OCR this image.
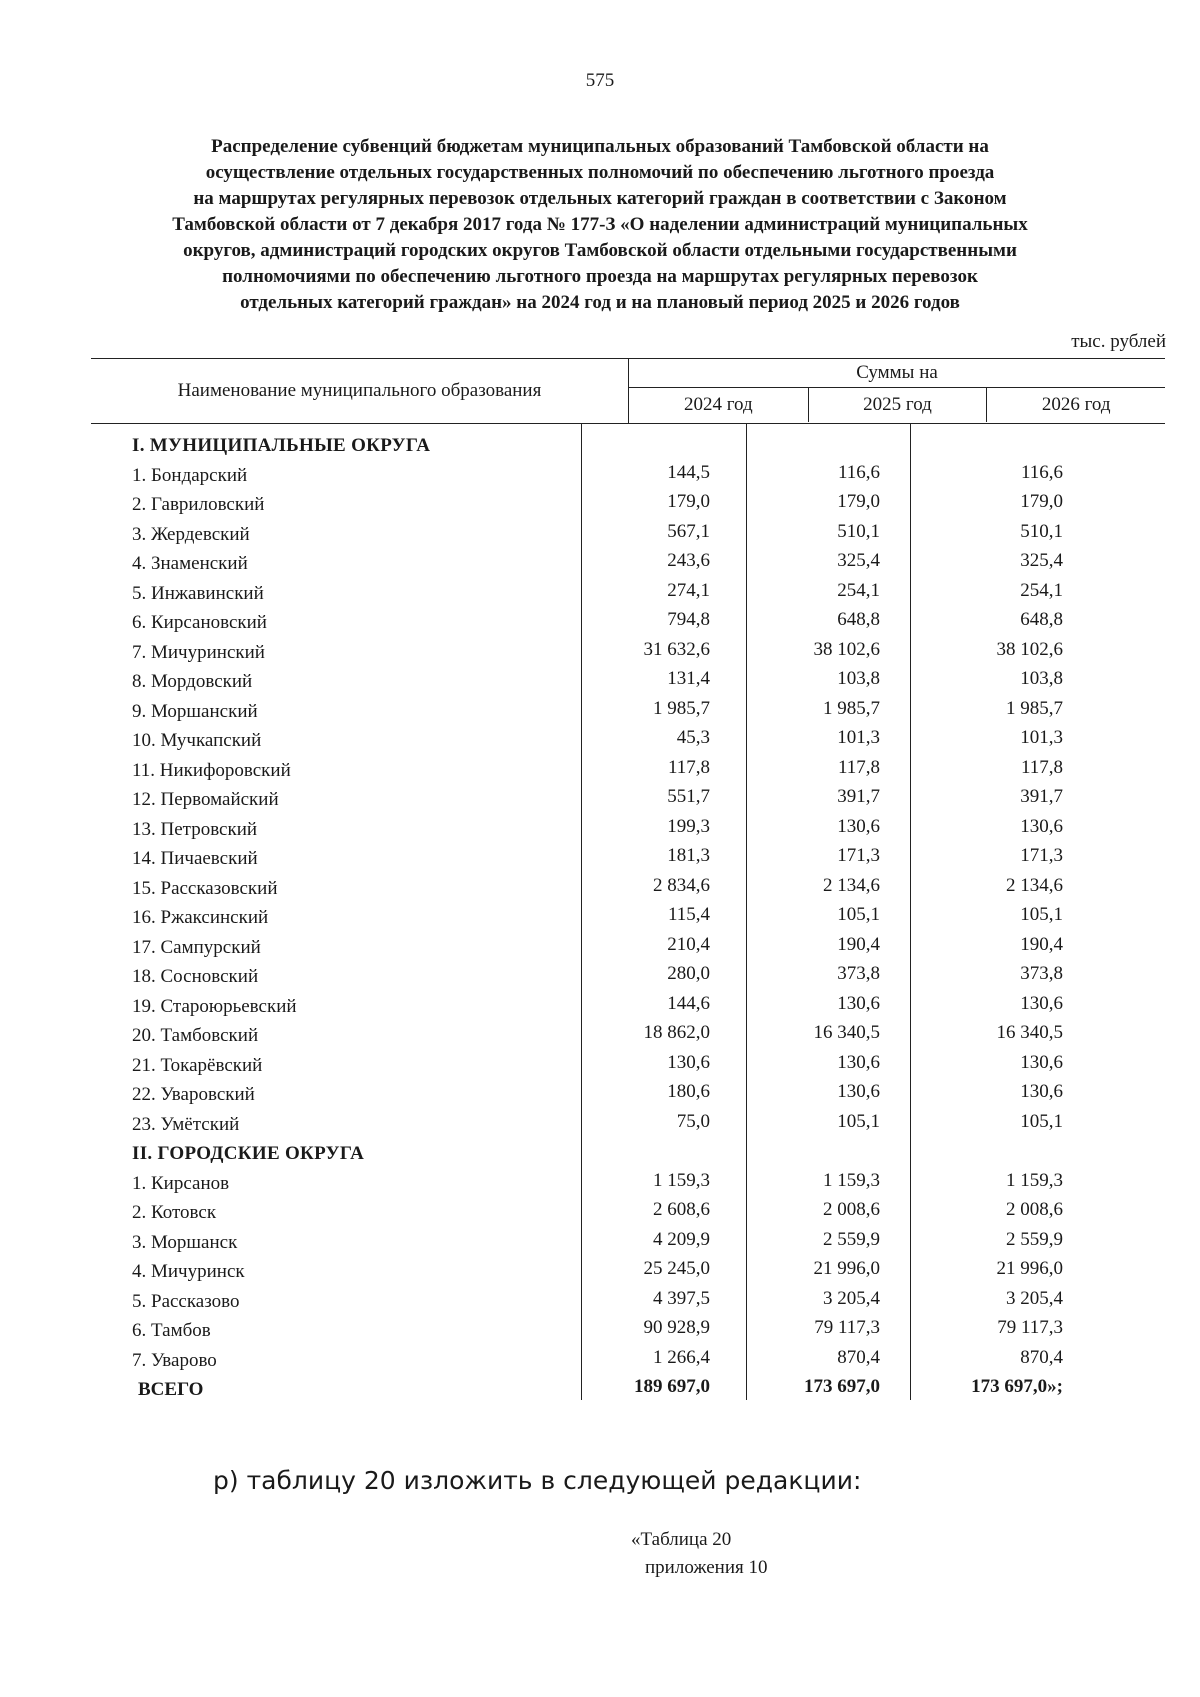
575
Распределение субвенций бюджетам муниципальных образований Тамбовской области на
осуществление отдельных государственных полномочий по обеспечению льготного проезда
на маршрутах регулярных перевозок отдельных категорий граждан в соответствии с Законом
Тамбовской области от 7 декабря 2017 года № 177-З «О наделении администраций муниципальных
округов, администраций городских округов Тамбовской области отдельными государственными
полномочиями по обеспечению льготного проезда на маршрутах регулярных перевозок
отдельных категорий граждан» на 2024 год и на плановый период 2025 и 2026 годов
тыс. рублей
Наименование муниципального образования
Суммы на
2024 год	2025 год	2026 год
I. МУНИЦИПАЛЬНЫЕ ОКРУГА
1. Бондарский	144,5	116,6	116,6
2. Гавриловский	179,0	179,0	179,0
3. Жердевский	567,1	510,1	510,1
4. Знаменский	243,6	325,4	325,4
5. Инжавинский	274,1	254,1	254,1
6. Кирсановский	794,8	648,8	648,8
7. Мичуринский	31 632,6	38 102,6	38 102,6
8. Мордовский	131,4	103,8	103,8
9. Моршанский	1 985,7	1 985,7	1 985,7
10. Мучкапский	45,3	101,3	101,3
11. Никифоровский	117,8	117,8	117,8
12. Первомайский	551,7	391,7	391,7
13. Петровский	199,3	130,6	130,6
14. Пичаевский	181,3	171,3	171,3
15. Рассказовский	2 834,6	2 134,6	2 134,6
16. Ржаксинский	115,4	105,1	105,1
17. Сампурский	210,4	190,4	190,4
18. Сосновский	280,0	373,8	373,8
19. Староюрьевский	144,6	130,6	130,6
20. Тамбовский	18 862,0	16 340,5	16 340,5
21. Токарёвский	130,6	130,6	130,6
22. Уваровский	180,6	130,6	130,6
23. Умётский	75,0	105,1	105,1
II. ГОРОДСКИЕ ОКРУГА
1. Кирсанов	1 159,3	1 159,3	1 159,3
2. Котовск	2 608,6	2 008,6	2 008,6
3. Моршанск	4 209,9	2 559,9	2 559,9
4. Мичуринск	25 245,0	21 996,0	21 996,0
5. Рассказово	4 397,5	3 205,4	3 205,4
6. Тамбов	90 928,9	79 117,3	79 117,3
7. Уварово	1 266,4	870,4	870,4
ВСЕГО	189 697,0	173 697,0	173 697,0»;
р) таблицу 20 изложить в следующей редакции:
«Таблица 20
приложения 10
